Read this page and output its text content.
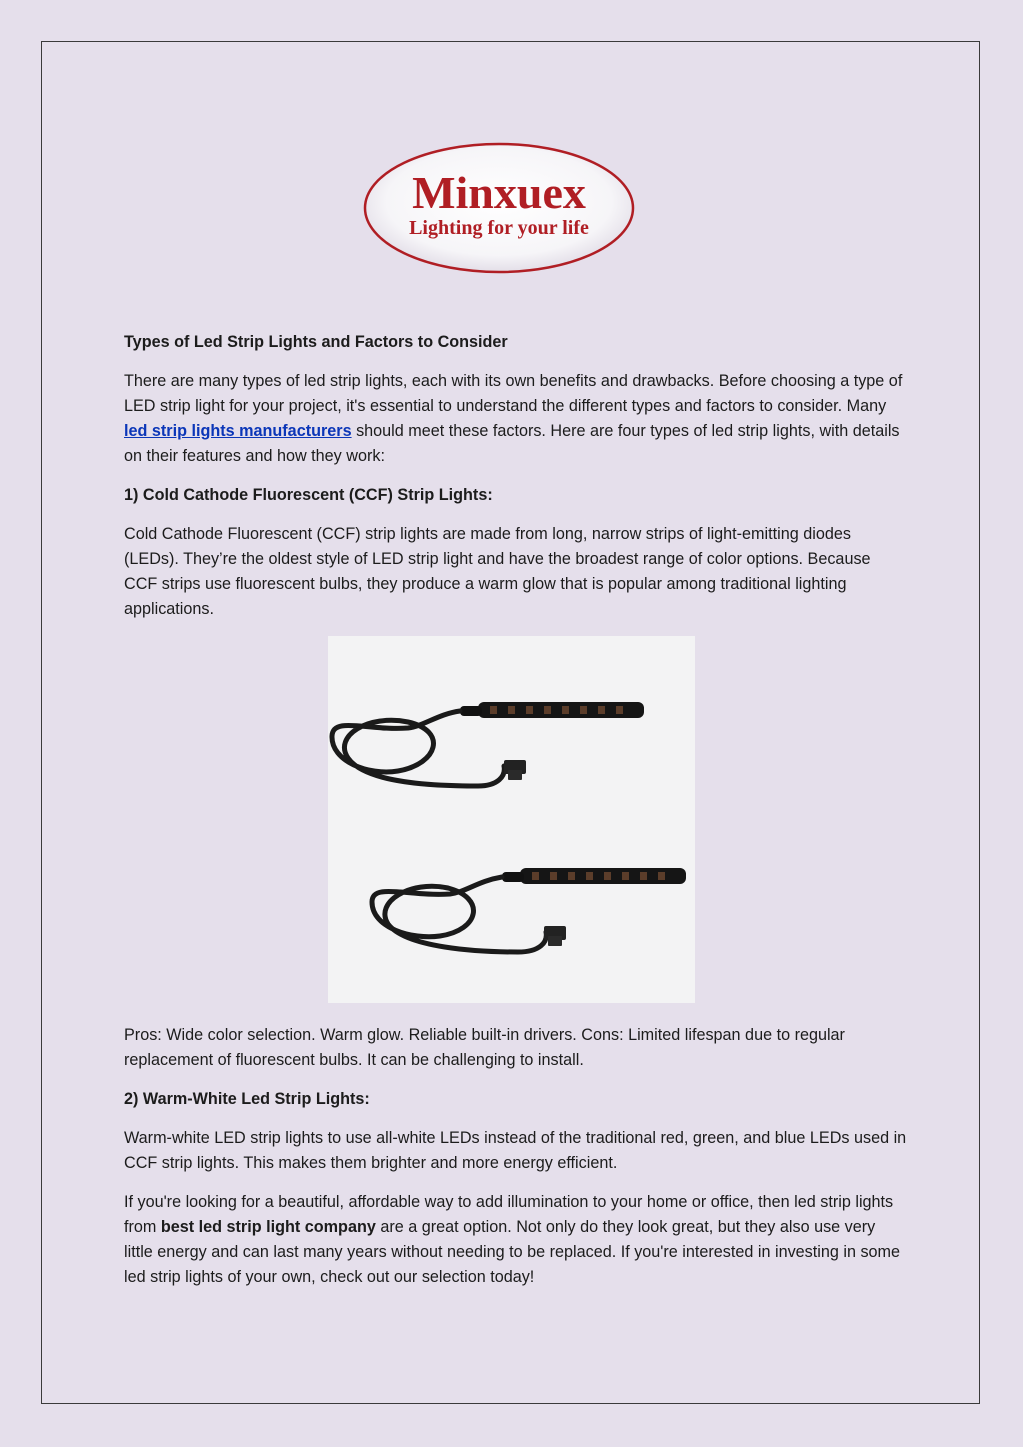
Minxuex
Lighting for your life

Types of Led Strip Lights and Factors to Consider

There are many types of led strip lights, each with its own benefits and drawbacks. Before choosing a type of LED strip light for your project, it's essential to understand the different types and factors to consider. Many led strip lights manufacturers should meet these factors. Here are four types of led strip lights, with details on their features and how they work:

1) Cold Cathode Fluorescent (CCF) Strip Lights:

Cold Cathode Fluorescent (CCF) strip lights are made from long, narrow strips of light-emitting diodes (LEDs). They’re the oldest style of LED strip light and have the broadest range of color options. Because CCF strips use fluorescent bulbs, they produce a warm glow that is popular among traditional lighting applications.

Pros: Wide color selection. Warm glow. Reliable built-in drivers. Cons: Limited lifespan due to regular replacement of fluorescent bulbs. It can be challenging to install.

2) Warm-White Led Strip Lights:

Warm-white LED strip lights to use all-white LEDs instead of the traditional red, green, and blue LEDs used in CCF strip lights. This makes them brighter and more energy efficient.

If you're looking for a beautiful, affordable way to add illumination to your home or office, then led strip lights from best led strip light company are a great option. Not only do they look great, but they also use very little energy and can last many years without needing to be replaced. If you're interested in investing in some led strip lights of your own, check out our selection today!
